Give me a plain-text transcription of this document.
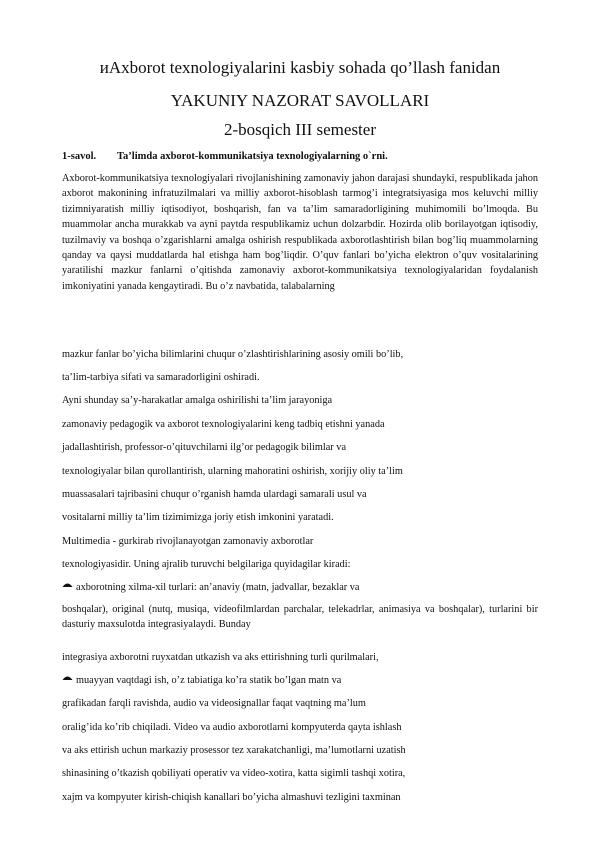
иAxborot texnologiyalarini kasbiy sohada qo’llash fanidan
YAKUNIY NAZORAT SAVOLLARI
2-bosqich III semester
1-savol. Ta’limda axborot-kommunikatsiya texnologiyalarning o`rni.
Axborot-kommunikatsiya texnologiyalari rivojlanishining zamonaviy jahon darajasi shundayki, respublikada jahon axborot makonining infratuzilmalari va milliy axborot-hisoblash tarmog’i integratsiyasiga mos keluvchi milliy tizimniyaratish milliy iqtisodiyot, boshqarish, fan va ta’lim samaradorligining muhimomili bo’lmoqda. Bu muammolar ancha murakkab va ayni paytda respublikamiz uchun dolzarbdir. Hozirda olib borilayotgan iqtisodiy, tuzilmaviy va boshqa o’zgarishlarni amalga oshirish respublikada axborotlashtirish bilan bog’liq muammolarning qanday va qaysi muddatlarda hal etishga ham bog’liqdir. O’quv fanlari bo’yicha elektron o’quv vositalarining yaratilishi mazkur fanlarni o’qitishda zamonaviy axborot-kommunikatsiya texnologiyalaridan foydalanish imkoniyatini yanada kengaytiradi. Bu o’z navbatida, talabalarning
mazkur fanlar bo’yicha bilimlarini chuqur o’zlashtirishlarining asosiy omili bo’lib,
ta’lim-tarbiya sifati va samaradorligini oshiradi.
Ayni shunday sa’y-harakatlar amalga oshirilishi ta’lim jarayoniga
zamonaviy pedagogik va axborot texnologiyalarini keng tadbiq etishni yanada
jadallashtirish, professor-o’qituvchilarni ilg’or pedagogik bilimlar va
texnologiyalar bilan qurollantirish, ularning mahoratini oshirish, xorijiy oliy ta’lim
muassasalari tajribasini chuqur o’rganish hamda ulardagi samarali usul va
vositalarni milliy ta’lim tizimimizga joriy etish imkonini yaratadi.
Multimedia - gurkirab rivojlanayotgan zamonaviy axborotlar
texnologiyasidir. Uning ajralib turuvchi belgilariga quyidagilar kiradi:
axborotning xilma-xil turlari: an’anaviy (matn, jadvallar, bezaklar va
boshqalar), original (nutq, musiqa, videofilmlardan parchalar, telekadrlar, animasiya va boshqalar), turlarini bir dasturiy maxsulotda integrasiyalaydi. Bunday
integrasiya axborotni ruyxatdan utkazish va aks ettirishning turli qurilmalari,
muayyan vaqtdagi ish, o’z tabiatiga ko’ra statik bo’lgan matn va
grafikadan farqli ravishda, audio va videosignallar faqat vaqtning ma’lum
oralig’ida ko’rib chiqiladi. Video va audio axborotlarni kompyuterda qayta ishlash
va aks ettirish uchun markaziy prosessor tez xarakatchanligi, ma’lumotlarni uzatish
shinasining o’tkazish qobiliyati operativ va video-xotira, katta sigimli tashqi xotira,
xajm va kompyuter kirish-chiqish kanallari bo’yicha almashuvi tezligini taxminan
